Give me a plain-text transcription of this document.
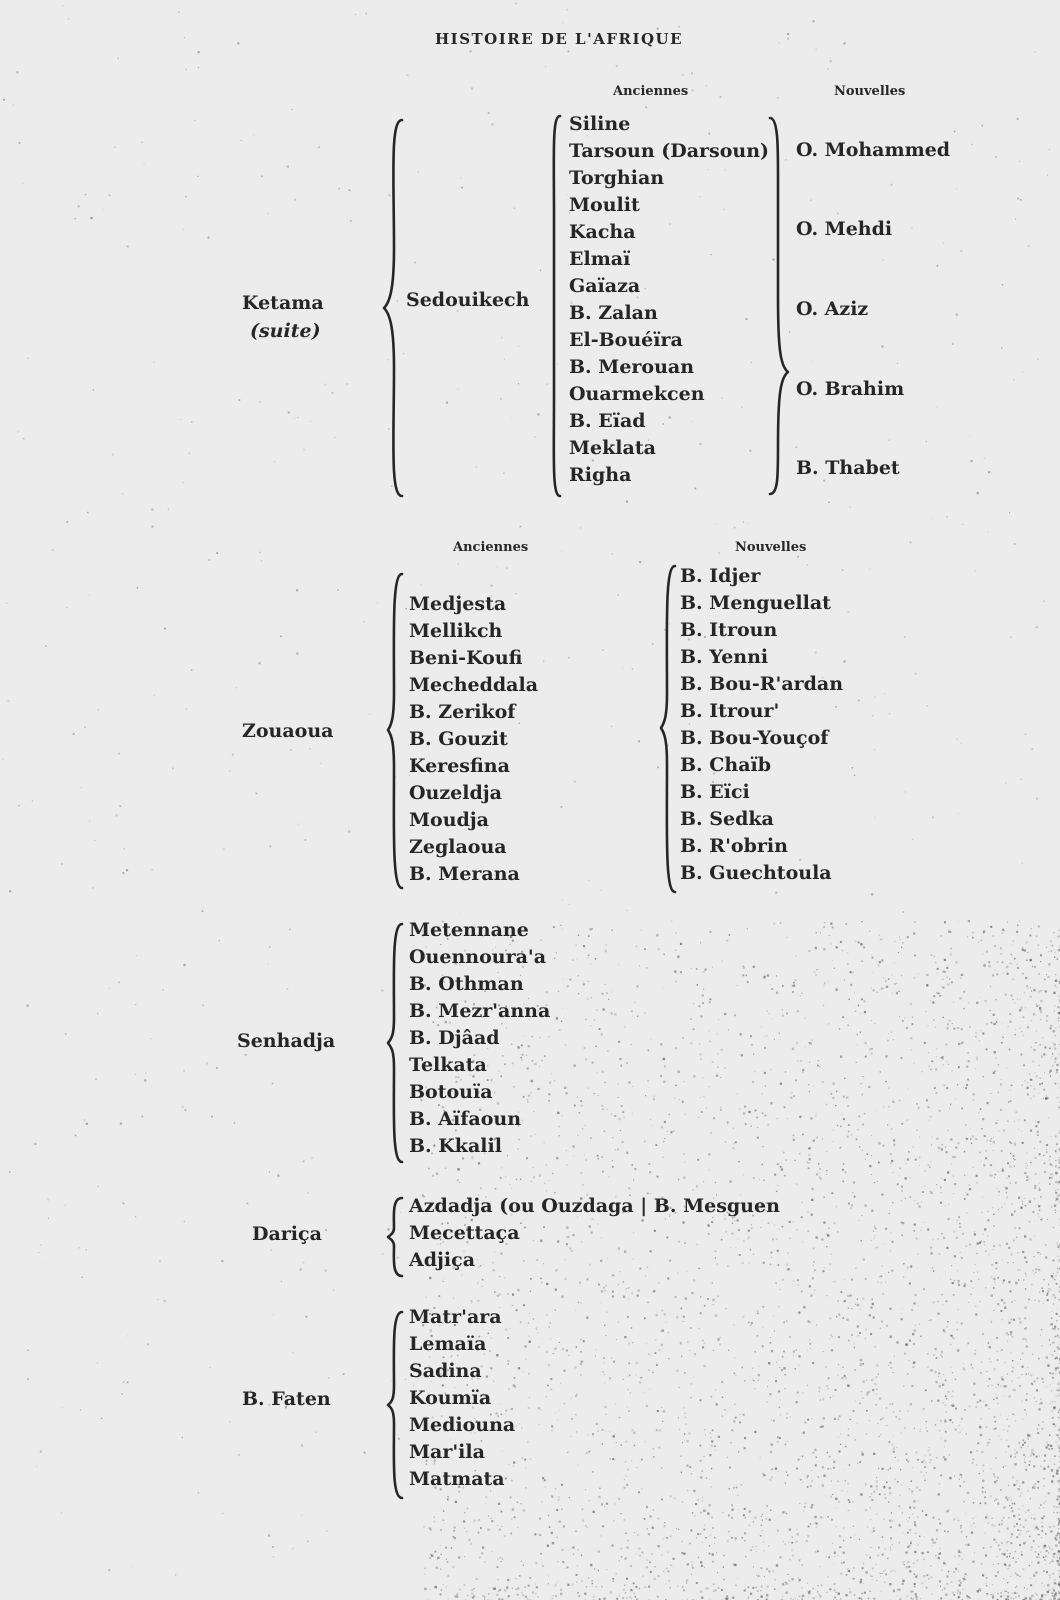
HISTOIRE DE L'AFRIQUE
Ketama
(suite)
Sedouikech
Anciennes	Nouvelles
Siline
Tarsoun (Darsoun)
Torghian
Moulit
Kacha
Elmaï
Gaïaza
B. Zalan
El-Bouéïra
B. Merouan
Ouarmekcen
B. Eïad
Meklata
Righa
O. Mohammed
O. Mehdi
O. Aziz
O. Brahim
B. Thabet
Anciennes	Nouvelles
Zouaoua
Medjesta
Mellikch
Beni-Koufi
Mecheddala
B. Zerikof
B. Gouzit
Keresfina
Ouzeldja
Moudja
Zeglaoua
B. Merana
B. Idjer
B. Menguellat
B. Itroun
B. Yenni
B. Bou-R'ardan
B. Itrour'
B. Bou-Youçof
B. Chaïb
B. Eïci
B. Sedka
B. R'obrin
B. Guechtoula
Senhadja
Metennane
Ouennoura'a
B. Othman
B. Mezr'anna
B. Djâad
Telkata
Botouïa
B. Aïfaoun
B. Kkalil
Dariça
Azdadja (ou Ouzdaga | B. Mesguen
Mecettaça
Adjiça
B. Faten
Matr'ara
Lemaïa
Sadina
Koumïa
Mediouna
Mar'ila
Matmata
